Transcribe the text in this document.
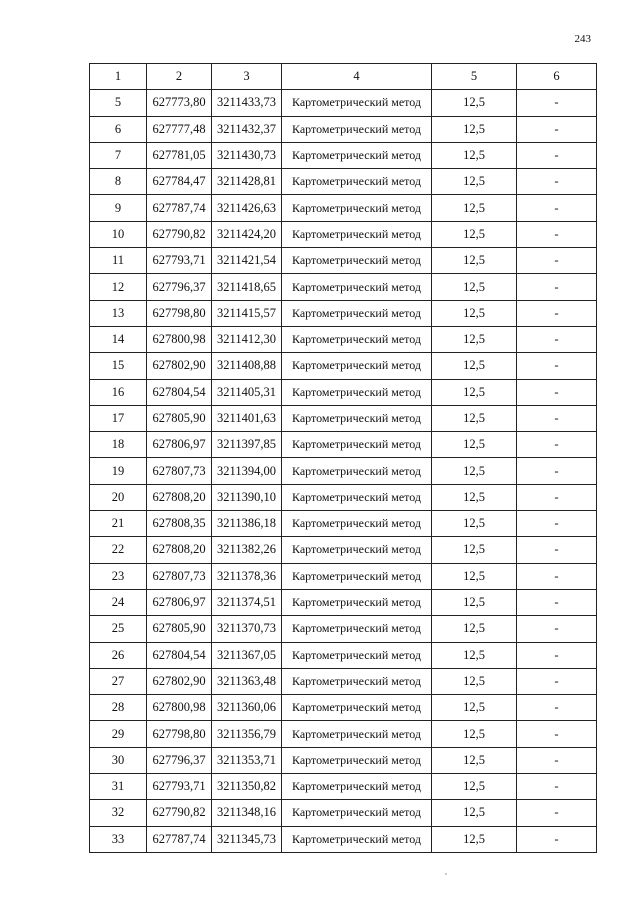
243
1	2	3	4	5	6
5	627773,80	3211433,73	Картометрический метод	12,5	-
6	627777,48	3211432,37	Картометрический метод	12,5	-
7	627781,05	3211430,73	Картометрический метод	12,5	-
8	627784,47	3211428,81	Картометрический метод	12,5	-
9	627787,74	3211426,63	Картометрический метод	12,5	-
10	627790,82	3211424,20	Картометрический метод	12,5	-
11	627793,71	3211421,54	Картометрический метод	12,5	-
12	627796,37	3211418,65	Картометрический метод	12,5	-
13	627798,80	3211415,57	Картометрический метод	12,5	-
14	627800,98	3211412,30	Картометрический метод	12,5	-
15	627802,90	3211408,88	Картометрический метод	12,5	-
16	627804,54	3211405,31	Картометрический метод	12,5	-
17	627805,90	3211401,63	Картометрический метод	12,5	-
18	627806,97	3211397,85	Картометрический метод	12,5	-
19	627807,73	3211394,00	Картометрический метод	12,5	-
20	627808,20	3211390,10	Картометрический метод	12,5	-
21	627808,35	3211386,18	Картометрический метод	12,5	-
22	627808,20	3211382,26	Картометрический метод	12,5	-
23	627807,73	3211378,36	Картометрический метод	12,5	-
24	627806,97	3211374,51	Картометрический метод	12,5	-
25	627805,90	3211370,73	Картометрический метод	12,5	-
26	627804,54	3211367,05	Картометрический метод	12,5	-
27	627802,90	3211363,48	Картометрический метод	12,5	-
28	627800,98	3211360,06	Картометрический метод	12,5	-
29	627798,80	3211356,79	Картометрический метод	12,5	-
30	627796,37	3211353,71	Картометрический метод	12,5	-
31	627793,71	3211350,82	Картометрический метод	12,5	-
32	627790,82	3211348,16	Картометрический метод	12,5	-
33	627787,74	3211345,73	Картометрический метод	12,5	-
